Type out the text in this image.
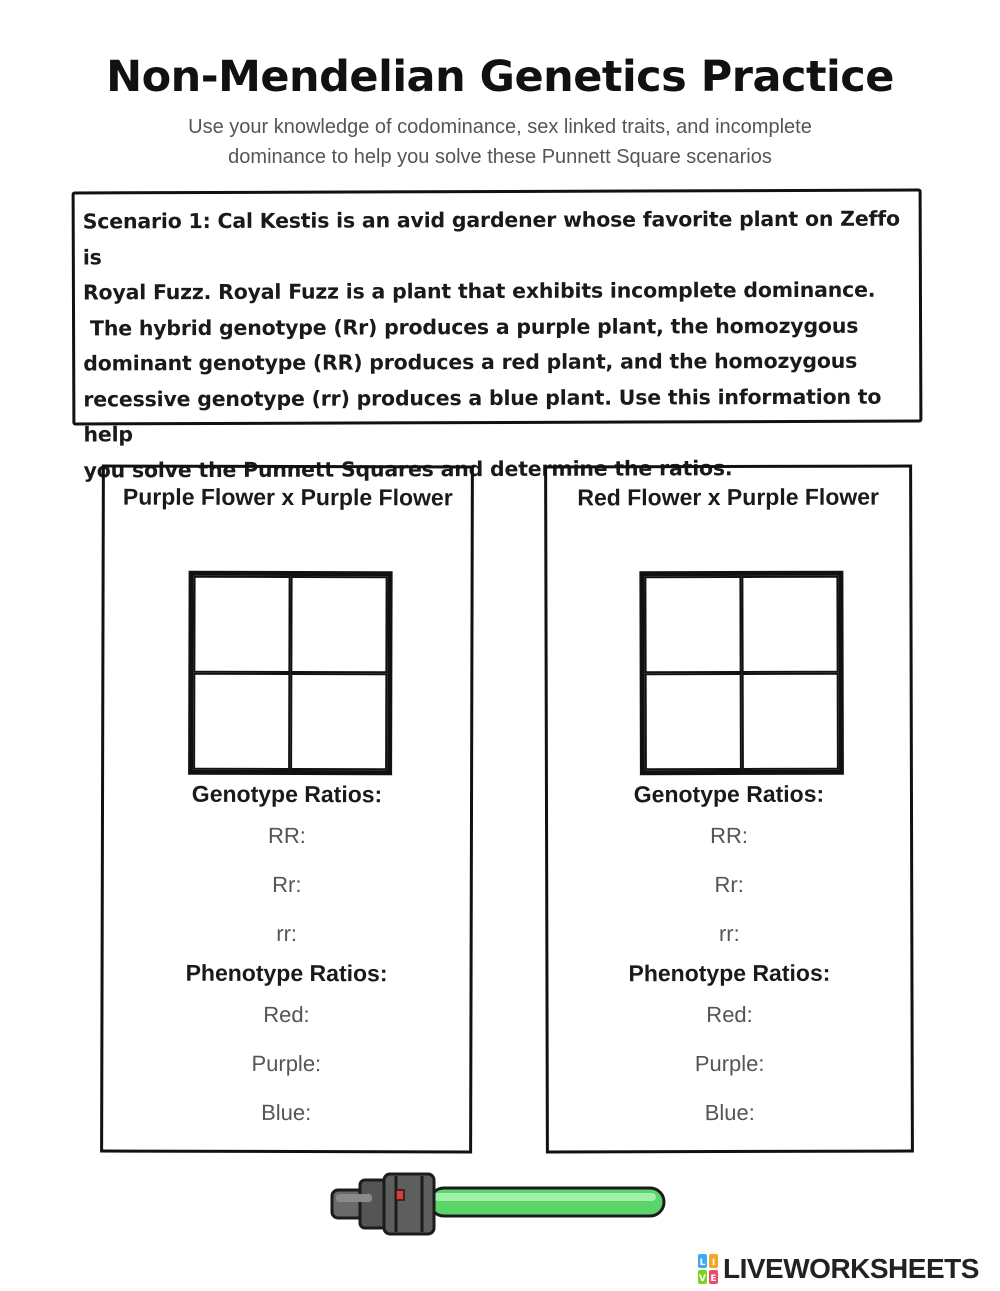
Non-Mendelian Genetics Practice
Use your knowledge of codominance, sex linked traits, and incomplete
dominance to help you solve these Punnett Square scenarios
Scenario 1: Cal Kestis is an avid gardener whose favorite plant on Zeffo is
Royal Fuzz. Royal Fuzz is a plant that exhibits incomplete dominance.
The hybrid genotype (Rr) produces a purple plant, the homozygous
dominant genotype (RR) produces a red plant, and the homozygous
recessive genotype (rr) produces a blue plant. Use this information to help
you solve the Punnett Squares and determine the ratios.
Purple Flower x Purple Flower
Genotype Ratios:
RR:
Rr:
rr:
Phenotype Ratios:
Red:
Purple:
Blue:
Red Flower x Purple Flower
Genotype Ratios:
RR:
Rr:
rr:
Phenotype Ratios:
Red:
Purple:
Blue:
L I
V E LIVEWORKSHEETS
